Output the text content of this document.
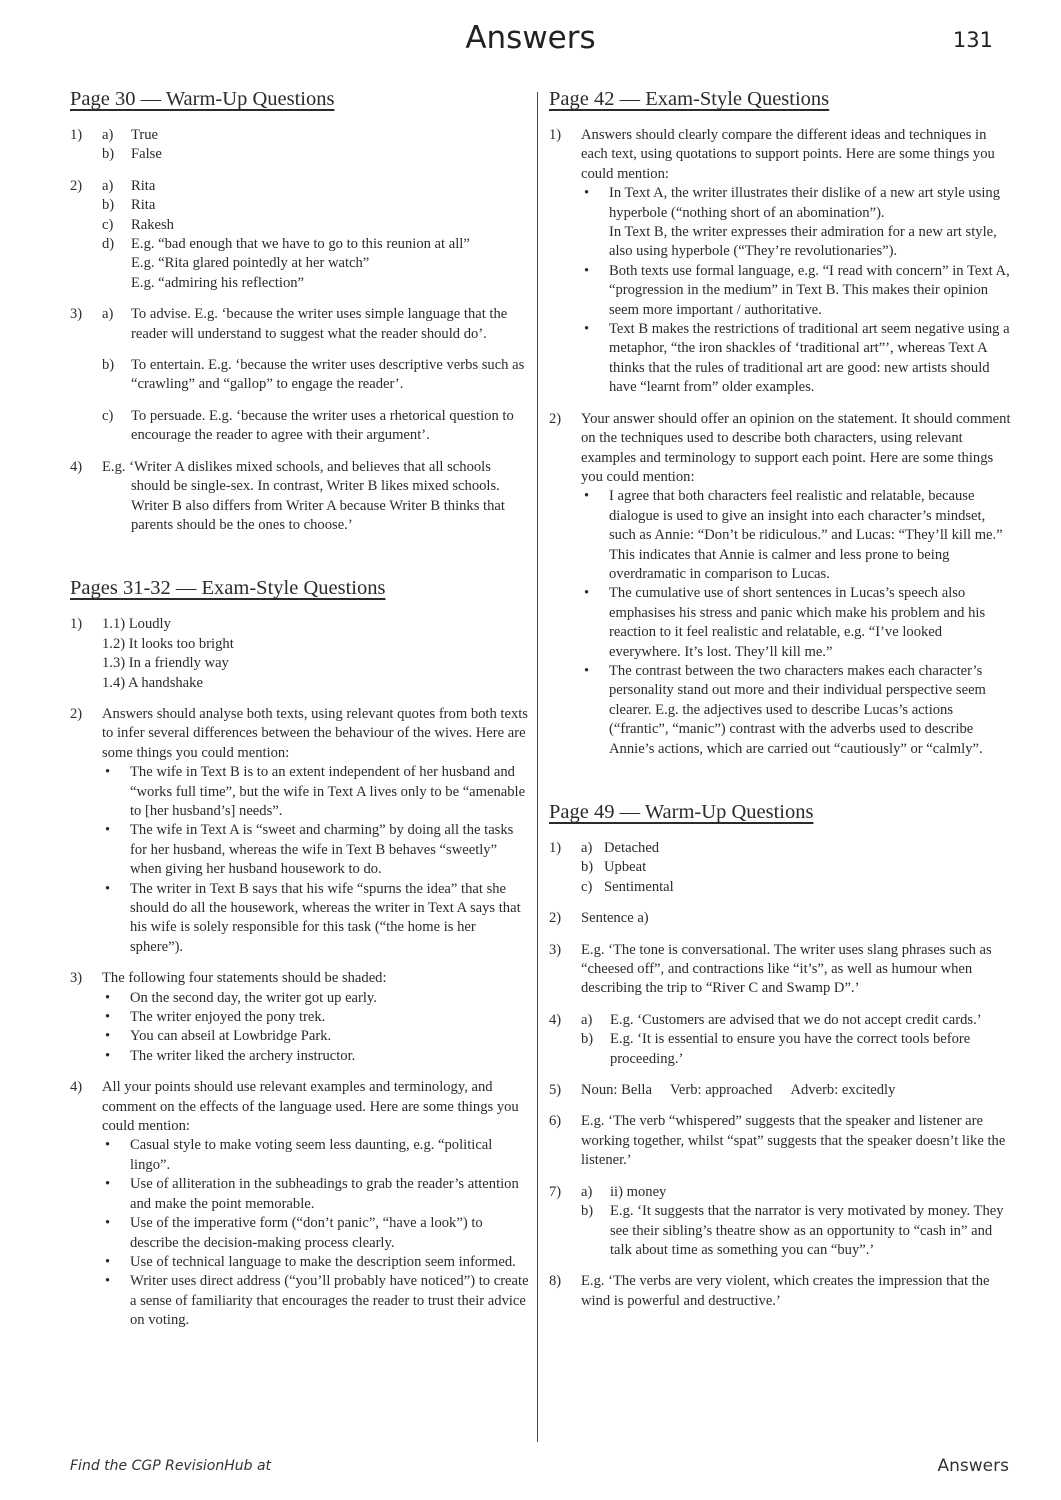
Answers	131
Page 30 — Warm-Up Questions
1) a) True
b) False
2) a) Rita
b) Rita
c) Rakesh
d) E.g. “bad enough that we have to go to this reunion at all”
E.g. “Rita glared pointedly at her watch”
E.g. “admiring his reflection”
3) a) To advise. E.g. ‘because the writer uses simple language that the reader will understand to suggest what the reader should do’.
b) To entertain. E.g. ‘because the writer uses descriptive verbs such as “crawling” and “gallop” to engage the reader’.
c) To persuade. E.g. ‘because the writer uses a rhetorical question to encourage the reader to agree with their argument’.
4) E.g. ‘Writer A dislikes mixed schools, and believes that all schools should be single-sex. In contrast, Writer B likes mixed schools. Writer B also differs from Writer A because Writer B thinks that parents should be the ones to choose.’
Pages 31-32 — Exam-Style Questions
1) 1.1) Loudly
1.2) It looks too bright
1.3) In a friendly way
1.4) A handshake
2) Answers should analyse both texts, using relevant quotes from both texts to infer several differences between the behaviour of the wives. Here are some things you could mention:
• The wife in Text B is to an extent independent of her husband and “works full time”, but the wife in Text A lives only to be “amenable to [her husband’s] needs”.
• The wife in Text A is “sweet and charming” by doing all the tasks for her husband, whereas the wife in Text B behaves “sweetly” when giving her husband housework to do.
• The writer in Text B says that his wife “spurns the idea” that she should do all the housework, whereas the writer in Text A says that his wife is solely responsible for this task (“the home is her sphere”).
3) The following four statements should be shaded:
• On the second day, the writer got up early.
• The writer enjoyed the pony trek.
• You can abseil at Lowbridge Park.
• The writer liked the archery instructor.
4) All your points should use relevant examples and terminology, and comment on the effects of the language used. Here are some things you could mention:
• Casual style to make voting seem less daunting, e.g. “political lingo”.
• Use of alliteration in the subheadings to grab the reader’s attention and make the point memorable.
• Use of the imperative form (“don’t panic”, “have a look”) to describe the decision-making process clearly.
• Use of technical language to make the description seem informed.
• Writer uses direct address (“you’ll probably have noticed”) to create a sense of familiarity that encourages the reader to trust their advice on voting.
Page 42 — Exam-Style Questions
1) Answers should clearly compare the different ideas and techniques in each text, using quotations to support points. Here are some things you could mention:
• In Text A, the writer illustrates their dislike of a new art style using hyperbole (“nothing short of an abomination”).
In Text B, the writer expresses their admiration for a new art style, also using hyperbole (“They’re revolutionaries”).
• Both texts use formal language, e.g. “I read with concern” in Text A, “progression in the medium” in Text B. This makes their opinion seem more important / authoritative.
• Text B makes the restrictions of traditional art seem negative using a metaphor, “the iron shackles of ‘traditional art”’, whereas Text A thinks that the rules of traditional art are good: new artists should have “learnt from” older examples.
2) Your answer should offer an opinion on the statement. It should comment on the techniques used to describe both characters, using relevant examples and terminology to support each point. Here are some things you could mention:
• I agree that both characters feel realistic and relatable, because dialogue is used to give an insight into each character’s mindset, such as Annie: “Don’t be ridiculous.” and Lucas: “They’ll kill me.” This indicates that Annie is calmer and less prone to being overdramatic in comparison to Lucas.
• The cumulative use of short sentences in Lucas’s speech also emphasises his stress and panic which make his problem and his reaction to it feel realistic and relatable, e.g. “I’ve looked everywhere. It’s lost. They’ll kill me.”
• The contrast between the two characters makes each character’s personality stand out more and their individual perspective seem clearer. E.g. the adjectives used to describe Lucas’s actions (“frantic”, “manic”) contrast with the adverbs used to describe Annie’s actions, which are carried out “cautiously” or “calmly”.
Page 49 — Warm-Up Questions
1) a) Detached
b) Upbeat
c) Sentimental
2) Sentence a)
3) E.g. ‘The tone is conversational. The writer uses slang phrases such as “cheesed off”, and contractions like “it’s”, as well as humour when describing the trip to “River C and Swamp D”.’
4) a) E.g. ‘Customers are advised that we do not accept credit cards.’
b) E.g. ‘It is essential to ensure you have the correct tools before proceeding.’
5) Noun: Bella Verb: approached Adverb: excitedly
6) E.g. ‘The verb “whispered” suggests that the speaker and listener are working together, whilst “spat” suggests that the speaker doesn’t like the listener.’
7) a) ii) money
b) E.g. ‘It suggests that the narrator is very motivated by money. They see their sibling’s theatre show as an opportunity to “cash in” and talk about time as something you can “buy”.’
8) E.g. ‘The verbs are very violent, which creates the impression that the wind is powerful and destructive.’
Find the CGP RevisionHub at	Answers
